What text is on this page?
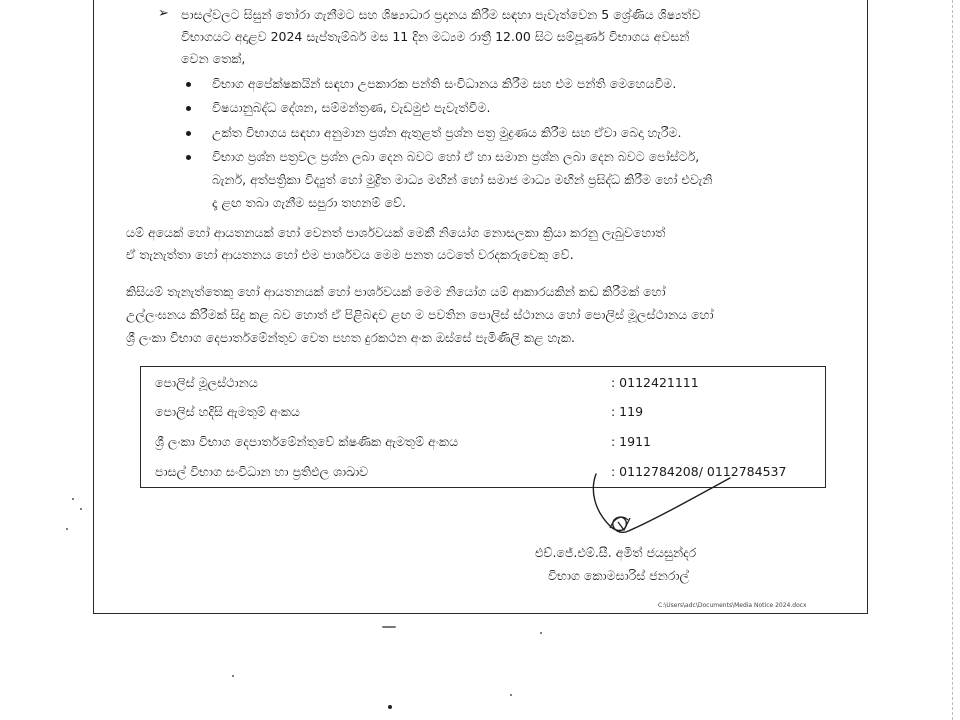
➢ පාසල්වලට සිසුන් තෝරා ගැනීමට සහ ශිෂ්‍යාධාර ප්‍රදානය කිරීම සඳහා පැවැත්වෙන 5 ශ්‍රේණිය ශිෂ්‍යත්ව
විභාගයට අදාළව 2024 සැප්තැම්බර් මස 11 දින මධ්‍යම රාත්‍රී 12.00 සිට සම්පූර්ණ විභාගය අවසන්
වෙන තෙක්,
විභාග අපේක්ෂකයින් සඳහා උපකාරක පන්ති සංවිධානය කිරීම සහ එම පන්ති මෙහෙයවීම.
විෂයානුබද්ධ දේශන, සම්මන්ත්‍රණ, වැඩමුළු පැවැත්වීම.
උක්ත විභාගය සඳහා අනුමාන ප්‍රශ්න ඇතුළත් ප්‍රශ්න පත්‍ර මුද්‍රණය කිරීම සහ ඒවා බෙදා හැරීම.
විභාග ප්‍රශ්න පත්‍රවල ප්‍රශ්න ලබා දෙන බවට හෝ ඒ හා සමාන ප්‍රශ්න ලබා දෙන බවට පෝස්ටර්,
බැනර්, අත්පත්‍රිකා විද්‍යුත් හෝ මුද්‍රිත මාධ්‍ය මඟින් හෝ සමාජ මාධ්‍ය මඟින් ප්‍රසිද්ධ කිරීම හෝ එවැනි
දෑ ළඟ තබා ගැනීම සපුරා තහනම් වේ.
යම් අයෙක් හෝ ආයතනයක් හෝ වෙනත් පාර්ශවයක් මෙකී නියෝග නොසලකා ක්‍රියා කරනු ලැබුවහොත්
ඒ තැනැත්තා හෝ ආයතනය හෝ එම පාර්ශවය මෙම පනත යටතේ වරදකරුවෙකු වේ.
කිසියම් තැනැත්තෙකු හෝ ආයතනයක් හෝ පාර්ශවයක් මෙම නියෝග යම් ආකාරයකින් කඩ කිරීමක් හෝ
උල්ලංඝනය කිරීමක් සිදු කළ බව හොත් ඒ පිළිබඳව ළඟ ම පවතින පොලිස් ස්ථානය හෝ පොලිස් මූලස්ථානය හෝ
ශ්‍රී ලංකා විභාග දෙපාර්තමේන්තුව වෙත පහත දුරකථන අංක ඔස්සේ පැමිණිලි කළ හැක.
පොලිස් මූලස්ථානය	: 0112421111
පොලිස් හදිසි ඇමතුම් අංකය	: 119
ශ්‍රී ලංකා විභාග දෙපාර්තමේන්තුවේ ක්ෂණික ඇමතුම් අංකය	: 1911
පාසල් විභාග සංවිධාන හා ප්‍රතිඵල ශාඛාව	: 0112784208/ 0112784537
එච්.ජේ.එම්.සී. අමිත් ජයසුන්දර
විභාග කොමසාරිස් ජනරාල්
C:\Users\adc\Documents\Media Notice 2024.docx
